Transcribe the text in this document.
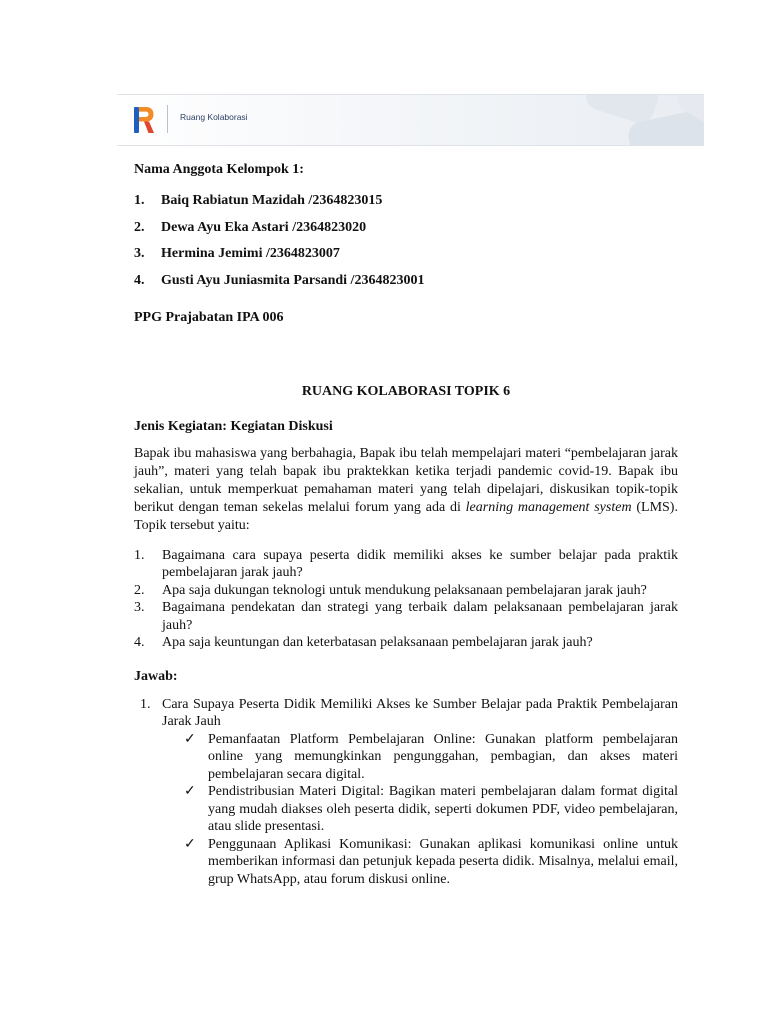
Ruang Kolaborasi

Nama Anggota Kelompok 1:

1.	Baiq Rabiatun Mazidah /2364823015
2.	Dewa Ayu Eka Astari /2364823020
3.	Hermina Jemimi /2364823007
4.	Gusti Ayu Juniasmita Parsandi /2364823001

PPG Prajabatan IPA 006

RUANG KOLABORASI TOPIK 6

Jenis Kegiatan: Kegiatan Diskusi

Bapak ibu mahasiswa yang berbahagia, Bapak ibu telah mempelajari materi “pembelajaran jarak jauh”, materi yang telah bapak ibu praktekkan ketika terjadi pandemic covid-19. Bapak ibu sekalian, untuk memperkuat pemahaman materi yang telah dipelajari, diskusikan topik-topik berikut dengan teman sekelas melalui forum yang ada di learning management system (LMS). Topik tersebut yaitu:

1.	Bagaimana cara supaya peserta didik memiliki akses ke sumber belajar pada praktik pembelajaran jarak jauh?
2.	Apa saja dukungan teknologi untuk mendukung pelaksanaan pembelajaran jarak jauh?
3.	Bagaimana pendekatan dan strategi yang terbaik dalam pelaksanaan pembelajaran jarak jauh?
4.	Apa saja keuntungan dan keterbatasan pelaksanaan pembelajaran jarak jauh?

Jawab:

1. Cara Supaya Peserta Didik Memiliki Akses ke Sumber Belajar pada Praktik Pembelajaran Jarak Jauh
✓ Pemanfaatan Platform Pembelajaran Online: Gunakan platform pembelajaran online yang memungkinkan pengunggahan, pembagian, dan akses materi pembelajaran secara digital.
✓ Pendistribusian Materi Digital: Bagikan materi pembelajaran dalam format digital yang mudah diakses oleh peserta didik, seperti dokumen PDF, video pembelajaran, atau slide presentasi.
✓ Penggunaan Aplikasi Komunikasi: Gunakan aplikasi komunikasi online untuk memberikan informasi dan petunjuk kepada peserta didik. Misalnya, melalui email, grup WhatsApp, atau forum diskusi online.
